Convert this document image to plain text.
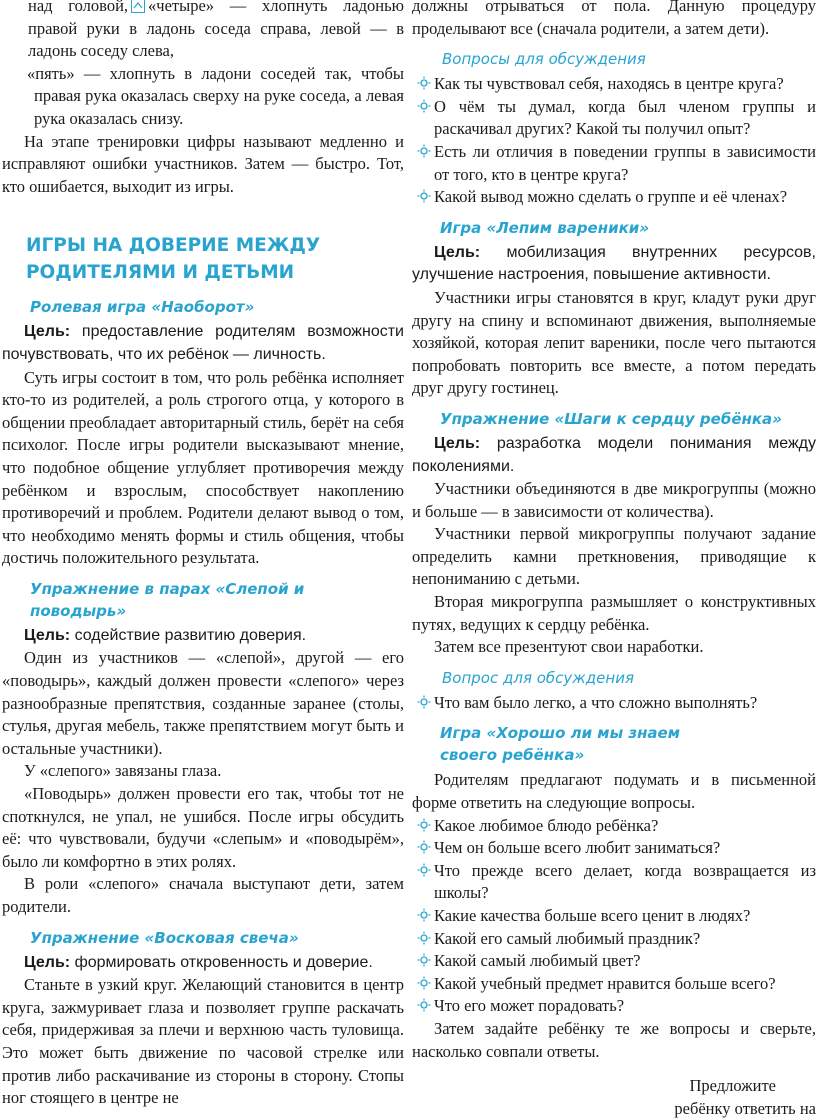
над головой, «четыре» — хлопнуть ладонью правой руки в ладонь соседа справа, левой — в ладонь соседу слева,

«пять» — хлопнуть в ладони соседей так, чтобы правая рука оказалась сверху на руке соседа, а левая рука оказалась снизу.

На этапе тренировки цифры называют медленно и исправляют ошибки участников. Затем — быстро. Тот, кто ошибается, выходит из игры.

ИГРЫ НА ДОВЕРИЕ МЕЖДУ РОДИТЕЛЯМИ И ДЕТЬМИ
Ролевая игра «Наоборот»

Цель: предоставление родителям возможности почувствовать, что их ребёнок — личность.

Суть игры состоит в том, что роль ребёнка исполняет кто-то из родителей, а роль строгого отца, у которого в общении преобладает авторитарный стиль, берёт на себя психолог. После игры родители высказывают мнение, что подобное общение углубляет противоречия между ребёнком и взрослым, способствует накоплению противоречий и проблем. Родители делают вывод о том, что необходимо менять формы и стиль общения, чтобы достичь положительного результата.

Упражнение в парах «Слепой и поводырь»

Цель: содействие развитию доверия.

Один из участников — «слепой», другой — его «поводырь», каждый должен провести «слепого» через разнообразные препятствия, созданные заранее (столы, стулья, другая мебель, также препятствием могут быть и остальные участники).

У «слепого» завязаны глаза.

«Поводырь» должен провести его так, чтобы тот не споткнулся, не упал, не ушибся. После игры обсудить её: что чувствовали, будучи «слепым» и «поводырём», было ли комфортно в этих ролях.

В роли «слепого» сначала выступают дети, затем родители.

Упражнение «Восковая свеча»

Цель: формировать откровенность и доверие.

Станьте в узкий круг. Желающий становится в центр круга, зажмуривает глаза и позволяет группе раскачать себя, придерживая за плечи и верхнюю часть туловища. Это может быть движение по часовой стрелке или против либо раскачивание из стороны в сторону. Стопы ног стоящего в центре не

должны отрываться от пола. Данную процедуру проделывают все (сначала родители, а затем дети).

Вопросы для обсуждения

Как ты чувствовал себя, находясь в центре круга?

О чём ты думал, когда был членом группы и раскачивал других? Какой ты получил опыт?

Есть ли отличия в поведении группы в зависимости от того, кто в центре круга?

Какой вывод можно сделать о группе и её членах?

Игра «Лепим вареники»

Цель: мобилизация внутренних ресурсов, улучшение настроения, повышение активности.

Участники игры становятся в круг, кладут руки друг другу на спину и вспоминают движения, выполняемые хозяйкой, которая лепит вареники, после чего пытаются попробовать повторить все вместе, а потом передать друг другу гостинец.

Упражнение «Шаги к сердцу ребёнка»

Цель: разработка модели понимания между поколениями.

Участники объединяются в две микрогруппы (можно и больше — в зависимости от количества).

Участники первой микрогруппы получают задание определить камни преткновения, приводящие к непониманию с детьми.

Вторая микрогруппа размышляет о конструктивных путях, ведущих к сердцу ребёнка.

Затем все презентуют свои наработки.

Вопрос для обсуждения

Что вам было легко, а что сложно выполнять?

Игра «Хорошо ли мы знаем своего ребёнка»

Родителям предлагают подумать и в письменной форме ответить на следующие вопросы.

Какое любимое блюдо ребёнка?

Чем он больше всего любит заниматься?

Что прежде всего делает, когда возвращается из школы?

Какие качества больше всего ценит в людях?

Какой его самый любимый праздник?

Какой самый любимый цвет?

Какой учебный предмет нравится больше всего?

Что его может порадовать?

Затем задайте ребёнку те же вопросы и сверьте, насколько совпали ответы.

Предложите

ребёнку ответить на
